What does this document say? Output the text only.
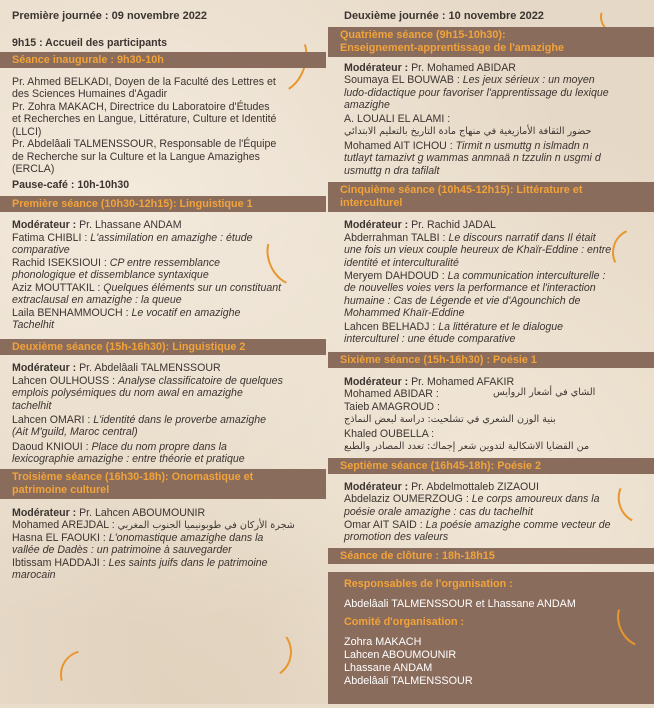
Première journée : 09 novembre 2022
9h15 : Accueil des participants
Séance inaugurale : 9h30-10h
Pr. Ahmed BELKADI, Doyen de la Faculté des Lettres et
des Sciences Humaines d'Agadir
Pr. Zohra MAKACH, Directrice du Laboratoire d'Études
et Recherches en Langue, Littérature, Culture et Identité
(LLCI)
Pr. Abdelâali TALMENSSOUR, Responsable de l'Équipe
de Recherche sur la Culture et la Langue Amazighes
(ERCLA)
Pause-café : 10h-10h30
Première séance (10h30-12h15): Linguistique 1
Modérateur : Pr. Lhassane ANDAM
Fatima CHIBLI : L'assimilation en amazighe : étude
comparative
Rachid ISEKSIOUI : CP entre ressemblance
phonologique et dissemblance syntaxique
Aziz MOUTTAKIL : Quelques éléments sur un constituant
extraclausal en amazighe : la queue
Laila BENHAMMOUCH : Le vocatif en amazighe
Tachelhit
Deuxième séance (15h-16h30): Linguistique 2
Modérateur : Pr. Abdelâali TALMENSSOUR
Lahcen OULHOUSS : Analyse classificatoire de quelques
emplois polysémiques du nom awal en amazighe
tachelhit
Lahcen OMARI : L'identité dans le proverbe amazighe
(Ait M'guild, Maroc central)
Daoud KNIOUI : Place du nom propre dans la
lexicographie amazighe : entre théorie et pratique
Troisième séance (16h30-18h): Onomastique et
patrimoine culturel
Modérateur : Pr. Lahcen ABOUMOUNIR
Mohamed AREJDAL : شجرة الأركان في طوبونيميا الجنوب المغربي
Hasna EL FAOUKI : L'onomastique amazighe dans la
vallée de Dadès : un patrimoine à sauvegarder
Ibtissam HADDAJI : Les saints juifs dans le patrimoine
marocain
Deuxième journée : 10 novembre 2022
Quatrième séance (9h15-10h30):
Enseignement-apprentissage de l'amazighe
Modérateur : Pr. Mohamed ABIDAR
Soumaya EL BOUWAB : Les jeux sérieux : un moyen
ludo-didactique pour favoriser l'apprentissage du lexique
amazighe
A. LOUALI EL ALAMI :
حضور الثقافة الأمازيغية في منهاج مادة التاريخ بالتعليم الابتدائي
Mohamed AIT ICHOU : Tirmit n usmuttg n islmadn n
tutlayt tamazivt g wammas anmnaä n tzzulin n usgmi d
usmuttg n dra tafilalt
Cinquième séance (10h45-12h15): Littérature et
interculturel
Modérateur : Pr. Rachid JADAL
Abderrahman TALBI : Le discours narratif dans Il était
une fois un vieux couple heureux de Khaïr-Eddine : entre
identité et interculturalité
Meryem DAHDOUD : La communication interculturelle :
de nouvelles voies vers la performance et l'interaction
humaine : Cas de Légende et vie d'Agounchich de
Mohammed Khaïr-Eddine
Lahcen BELHADJ : La littérature et le dialogue
interculturel : une étude comparative
Sixième séance (15h-16h30) : Poésie 1
Modérateur : Pr. Mohamed AFAKIR
Mohamed ABIDAR :	الشاي في أشعار الروايس
Taieb AMAGROUD :
بنية الوزن الشعري في تشلحيت: دراسة لبعض النماذج
Khaled OUBELLA :
من القضايا الاشكالية لتدوين شعر إجماك: تعدد المصادر والطبع
Septième séance (16h45-18h): Poésie 2
Modérateur : Pr. Abdelmottaleb ZIZAOUI
Abdelaziz OUMERZOUG : Le corps amoureux dans la
poésie orale amazighe : cas du tachelhit
Omar AIT SAID : La poésie amazighe comme vecteur de
promotion des valeurs
Séance de clôture : 18h-18h15
Responsables de l'organisation :
Abdelâali TALMENSSOUR et Lhassane ANDAM
Comité d'organisation :
Zohra MAKACH
Lahcen ABOUMOUNIR
Lhassane ANDAM
Abdelâali TALMENSSOUR
